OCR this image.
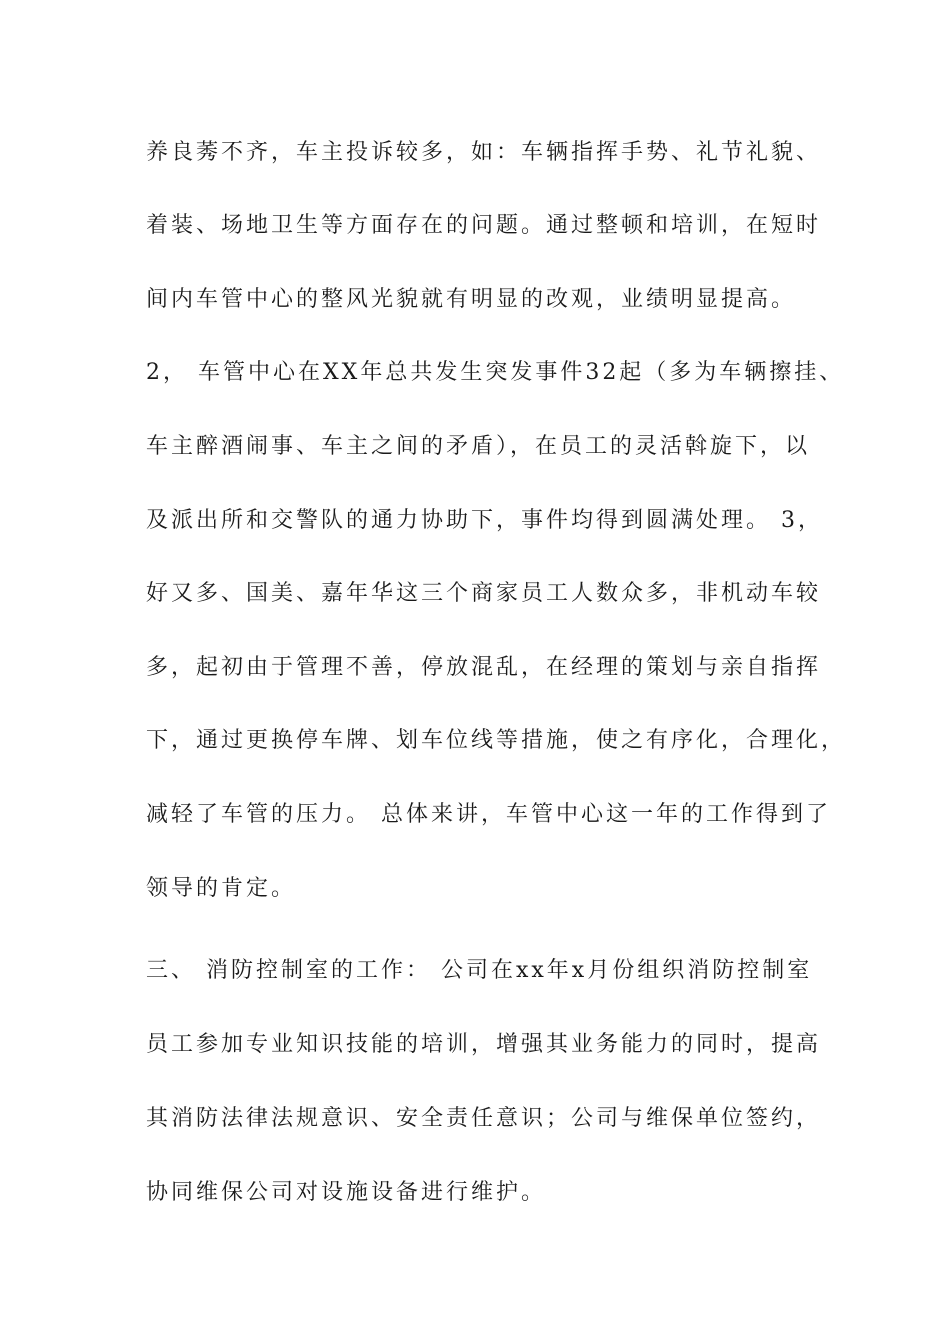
养良莠不齐，车主投诉较多，如：车辆指挥手势、礼节礼貌、

着装、场地卫生等方面存在的问题。通过整顿和培训，在短时

间内车管中心的整风光貌就有明显的改观，业绩明显提高。

2， 车管中心在XX年总共发生突发事件32起（多为车辆擦挂、

车主醉酒闹事、车主之间的矛盾），在员工的灵活斡旋下，以

及派出所和交警队的通力协助下，事件均得到圆满处理。 3，

好又多、国美、嘉年华这三个商家员工人数众多，非机动车较

多，起初由于管理不善，停放混乱，在经理的策划与亲自指挥

下，通过更换停车牌、划车位线等措施，使之有序化，合理化，

减轻了车管的压力。 总体来讲，车管中心这一年的工作得到了

领导的肯定。

三、 消防控制室的工作： 公司在xx年x月份组织消防控制室

员工参加专业知识技能的培训，增强其业务能力的同时，提高

其消防法律法规意识、安全责任意识；公司与维保单位签约，

协同维保公司对设施设备进行维护。
